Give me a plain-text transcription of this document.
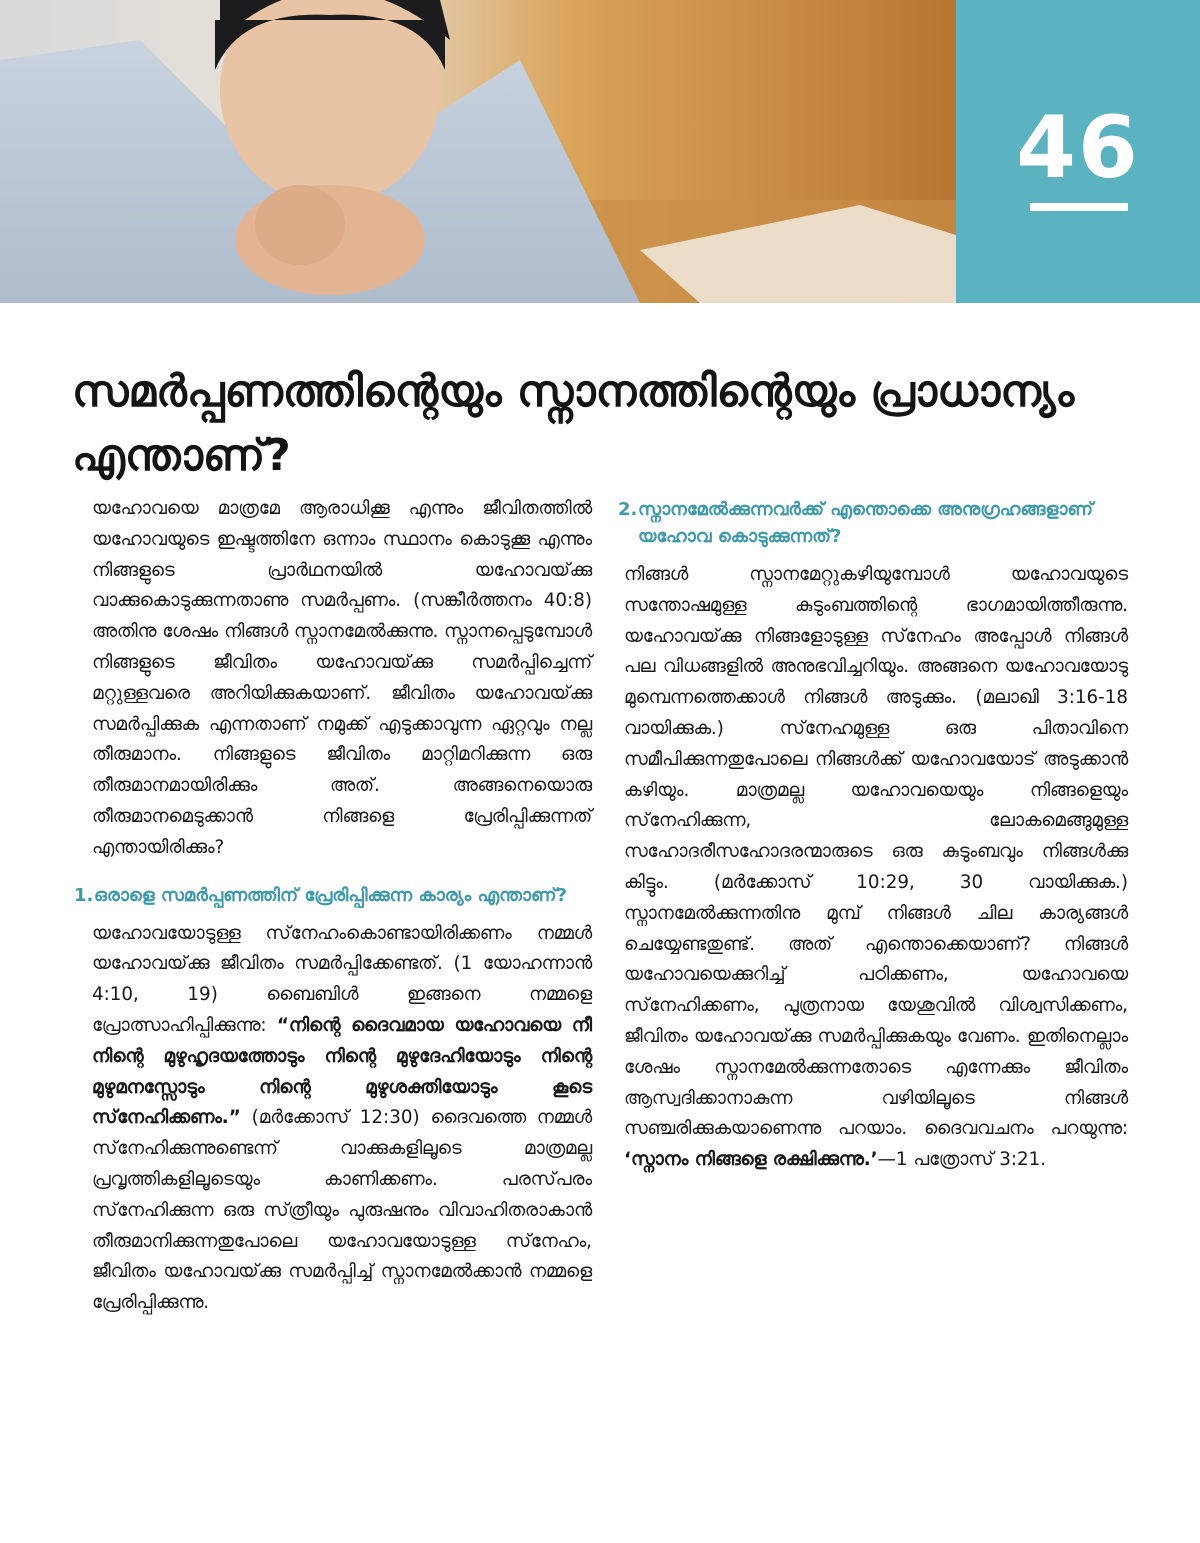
46
സമർപ്പണത്തിന്റെയും സ്നാനത്തിന്റെയും പ്രാധാന്യം എന്താണ്?

യഹോവയെ മാത്രമേ ആരാധിക്കൂ എന്നും ജീവിതത്തിൽ യഹോവയുടെ ഇഷ്ടത്തിനേ ഒന്നാം സ്ഥാനം കൊടുക്കൂ എന്നും നിങ്ങളുടെ പ്രാർഥനയിൽ യഹോവയ്‌ക്കു വാക്കുകൊടുക്കുന്നതാണു സമർപ്പണം. (സങ്കീർത്തനം 40:8) അതിനു ശേഷം നിങ്ങൾ സ്നാനമേൽക്കുന്നു. സ്നാനപ്പെടുമ്പോൾ നിങ്ങളുടെ ജീവിതം യഹോവയ്‌ക്കു സമർപ്പിച്ചെന്ന്‌ മറ്റുള്ളവരെ അറിയിക്കുകയാണ്‌. ജീവിതം യഹോവയ്‌ക്കു സമർപ്പിക്കുക എന്നതാണ്‌ നമുക്ക്‌ എടുക്കാവുന്ന ഏറ്റവും നല്ല തീരുമാനം. നിങ്ങളുടെ ജീവിതം മാറ്റിമറിക്കുന്ന ഒരു തീരുമാനമായിരിക്കും അത്‌. അങ്ങനെയൊരു തീരുമാനമെടുക്കാൻ നിങ്ങളെ പ്രേരിപ്പിക്കുന്നത്‌ എന്തായിരിക്കും?

1. ഒരാളെ സമർപ്പണത്തിന്‌ പ്രേരിപ്പിക്കുന്ന കാര്യം എന്താണ്‌?

യഹോവയോടുള്ള സ്‌നേഹംകൊണ്ടായിരിക്കണം നമ്മൾ യഹോവയ്‌ക്കു ജീവിതം സമർപ്പിക്കേണ്ടത്‌. (1 യോഹന്നാൻ 4:10, 19) ബൈബിൾ ഇങ്ങനെ നമ്മളെ പ്രോത്സാഹിപ്പിക്കുന്നു: “നിന്റെ ദൈവമായ യഹോവയെ നീ നിന്റെ മുഴുഹൃദയത്തോടും നിന്റെ മുഴുദേഹിയോടും നിന്റെ മുഴുമനസ്സോടും നിന്റെ മുഴുശക്തിയോടും കൂടെ സ്‌നേഹിക്കണം.” (മർക്കോസ്‌ 12:30) ദൈവത്തെ നമ്മൾ സ്‌നേഹിക്കുന്നുണ്ടെന്ന്‌ വാക്കുകളിലൂടെ മാത്രമല്ല പ്രവൃത്തികളിലൂടെയും കാണിക്കണം. പരസ്‌പരം സ്‌നേഹിക്കുന്ന ഒരു സ്‌ത്രീയും പുരുഷനും വിവാഹിതരാകാൻ തീരുമാനിക്കുന്നതുപോലെ യഹോവയോടുള്ള സ്‌നേഹം, ജീവിതം യഹോവയ്‌ക്കു സമർപ്പിച്ച്‌ സ്നാനമേൽക്കാൻ നമ്മളെ പ്രേരിപ്പിക്കുന്നു.

2. സ്നാനമേൽക്കുന്നവർക്ക്‌ എന്തൊക്കെ അനുഗ്രഹങ്ങളാണ്‌ യഹോവ കൊടുക്കുന്നത്‌?

നിങ്ങൾ സ്നാനമേറ്റുകഴിയുമ്പോൾ യഹോവയുടെ സന്തോഷമുള്ള കുടുംബത്തിന്റെ ഭാഗമായിത്തീരുന്നു. യഹോവയ്‌ക്കു നിങ്ങളോടുള്ള സ്‌നേഹം അപ്പോൾ നിങ്ങൾ പല വിധങ്ങളിൽ അനുഭവിച്ചറിയും. അങ്ങനെ യഹോവയോടു മുമ്പെന്നത്തെക്കാൾ നിങ്ങൾ അടുക്കും. (മലാഖി 3:16-18 വായിക്കുക.) സ്‌നേഹമുള്ള ഒരു പിതാവിനെ സമീപിക്കുന്നതുപോലെ നിങ്ങൾക്ക്‌ യഹോവയോട്‌ അടുക്കാൻ കഴിയും. മാത്രമല്ല യഹോവയെയും നിങ്ങളെയും സ്‌നേഹിക്കുന്ന, ലോകമെങ്ങുമുള്ള സഹോദരീസഹോദരന്മാരുടെ ഒരു കുടുംബവും നിങ്ങൾക്കു കിട്ടും. (മർക്കോസ്‌ 10:29, 30 വായിക്കുക.) സ്നാനമേൽക്കുന്നതിനു മുമ്പ്‌ നിങ്ങൾ ചില കാര്യങ്ങൾ ചെയ്യേണ്ടതുണ്ട്‌. അത്‌ എന്തൊക്കെയാണ്‌? നിങ്ങൾ യഹോവയെക്കുറിച്ച്‌ പഠിക്കണം, യഹോവയെ സ്‌നേഹിക്കണം, പുത്രനായ യേശുവിൽ വിശ്വസിക്കണം, ജീവിതം യഹോവയ്‌ക്കു സമർപ്പിക്കുകയും വേണം. ഇതിനെല്ലാം ശേഷം സ്നാനമേൽക്കുന്നതോടെ എന്നേക്കും ജീവിതം ആസ്വദിക്കാനാകുന്ന വഴിയിലൂടെ നിങ്ങൾ സഞ്ചരിക്കുകയാണെന്നു പറയാം. ദൈവവചനം പറയുന്നു: ‘സ്നാനം നിങ്ങളെ രക്ഷിക്കുന്നു.’—1 പത്രോസ്‌ 3:21.
